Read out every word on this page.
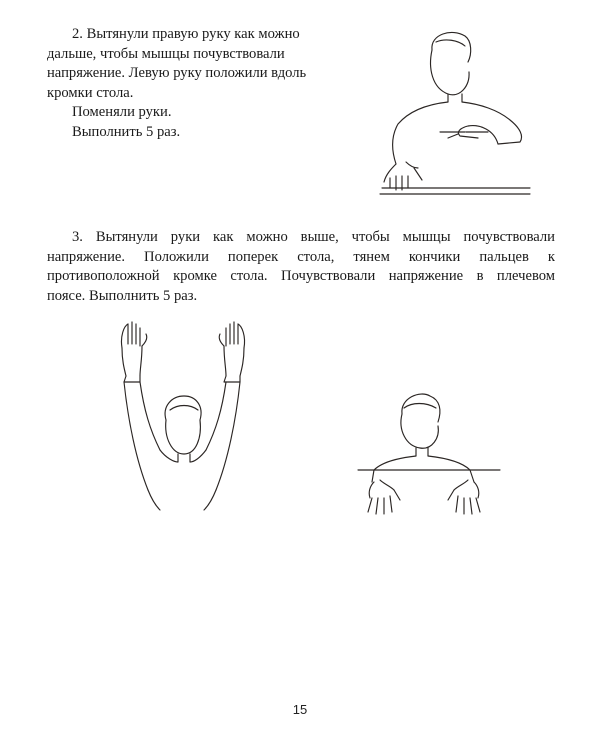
2. Вытянули правую руку как можно
дальше, чтобы мышцы почувствовали
напряжение. Левую руку положили вдоль
кромки стола.
Поменяли руки.
Выполнить 5 раз.
3. Вытянули руки как можно выше, чтобы мышцы почувствовали
напряжение. Положили поперек стола, тянем кончики пальцев к
противоположной кромке стола. Почувствовали напряжение в плечевом
поясе. Выполнить 5 раз.
15
